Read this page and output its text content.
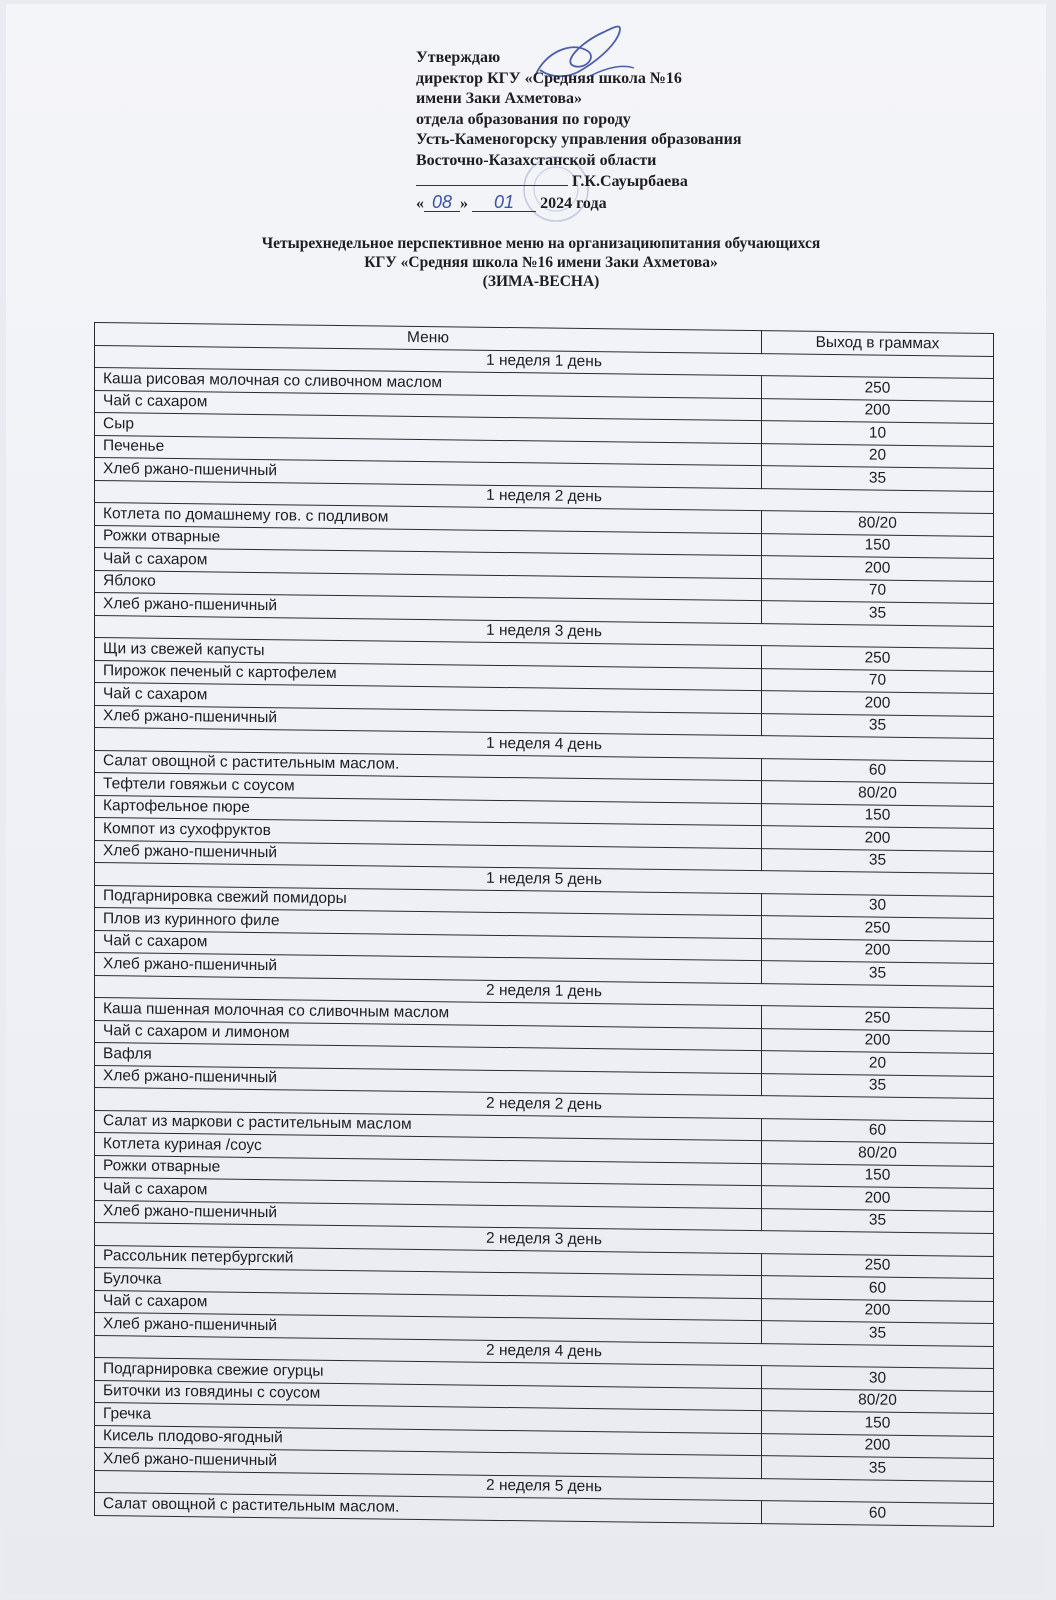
Утверждаю
директор КГУ «Средняя школа №16
имени Заки Ахметова»
отдела образования по городу
Усть-Каменогорску управления образования
Восточно-Казахстанской области
Г.К.Сауырбаева
« 08 » 01 2024 года
Четырехнедельное перспективное меню на организациюпитания обучающихся
КГУ «Средняя школа №16 имени Заки Ахметова»
(ЗИМА-ВЕСНА)
Меню	Выход в граммах
1 неделя 1 день	
Каша рисовая молочная со сливочном маслом	250
Чай с сахаром	200
Сыр	10
Печенье	20
Хлеб ржано-пшеничный	35
1 неделя 2 день	
Котлета по домашнему гов. с подливом	80/20
Рожки отварные	150
Чай с сахаром	200
Яблоко	70
Хлеб ржано-пшеничный	35
1 неделя 3 день	
Щи из свежей капусты	250
Пирожок печеный с картофелем	70
Чай с сахаром	200
Хлеб ржано-пшеничный	35
1 неделя 4 день	
Салат овощной с растительным маслом.	60
Тефтели говяжьи с соусом	80/20
Картофельное пюре	150
Компот из сухофруктов	200
Хлеб ржано-пшеничный	35
1 неделя 5 день	
Подгарнировка свежий помидоры	30
Плов из куринного филе	250
Чай с сахаром	200
Хлеб ржано-пшеничный	35
2 неделя 1 день	
Каша пшенная молочная со сливочным маслом	250
Чай с сахаром и лимоном	200
Вафля	20
Хлеб ржано-пшеничный	35
2 неделя 2 день	
Салат из маркови с растительным маслом	60
Котлета куриная /соус	80/20
Рожки отварные	150
Чай с сахаром	200
Хлеб ржано-пшеничный	35
2 неделя 3 день	
Рассольник петербургский	250
Булочка	60
Чай с сахаром	200
Хлеб ржано-пшеничный	35
2 неделя 4 день	
Подгарнировка свежие огурцы	30
Биточки из говядины с соусом	80/20
Гречка	150
Кисель плодово-ягодный	200
Хлеб ржано-пшеничный	35
2 неделя 5 день	
Салат овощной с растительным маслом.	60
